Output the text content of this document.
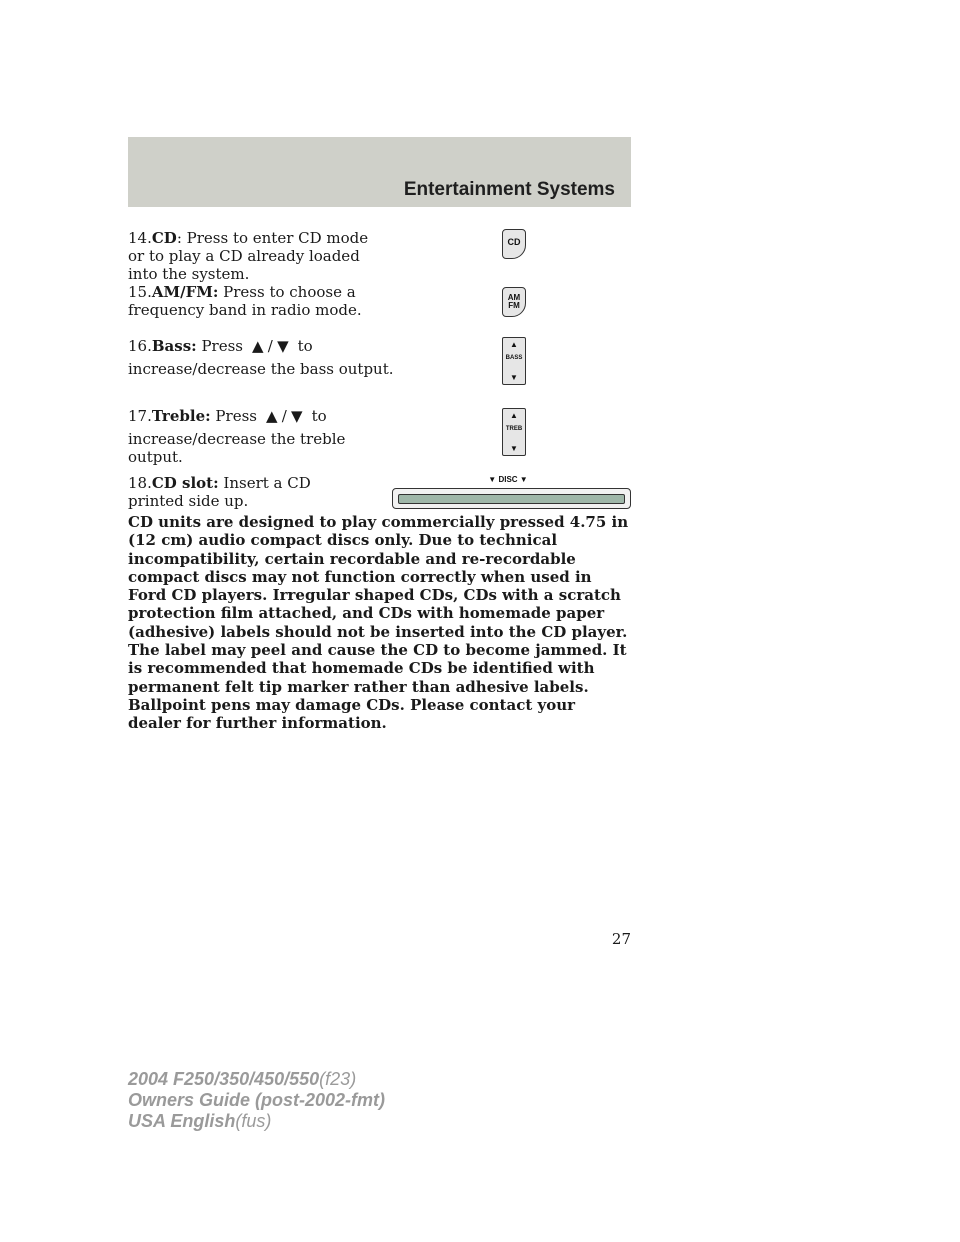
Entertainment Systems
14.CD: Press to enter CD mode or to play a CD already loaded into the system.
CD
15.AM/FM: Press to choose a frequency band in radio mode.
AM
FM
16.Bass: Press ▲ / ▼ to
increase/decrease the bass output.
▲
BASS
▼
17.Treble: Press ▲ / ▼ to
increase/decrease the treble output.
▲
TREB
▼
18.CD slot: Insert a CD printed side up.
▼ DISC ▼
CD units are designed to play commercially pressed 4.75 in (12 cm) audio compact discs only. Due to technical incompatibility, certain recordable and re-recordable compact discs may not function correctly when used in Ford CD players. Irregular shaped CDs, CDs with a scratch protection film attached, and CDs with homemade paper (adhesive) labels should not be inserted into the CD player. The label may peel and cause the CD to become jammed. It is recommended that homemade CDs be identified with permanent felt tip marker rather than adhesive labels. Ballpoint pens may damage CDs. Please contact your dealer for further information.
27
2004 F250/350/450/550(f23)
Owners Guide (post-2002-fmt)
USA English(fus)
